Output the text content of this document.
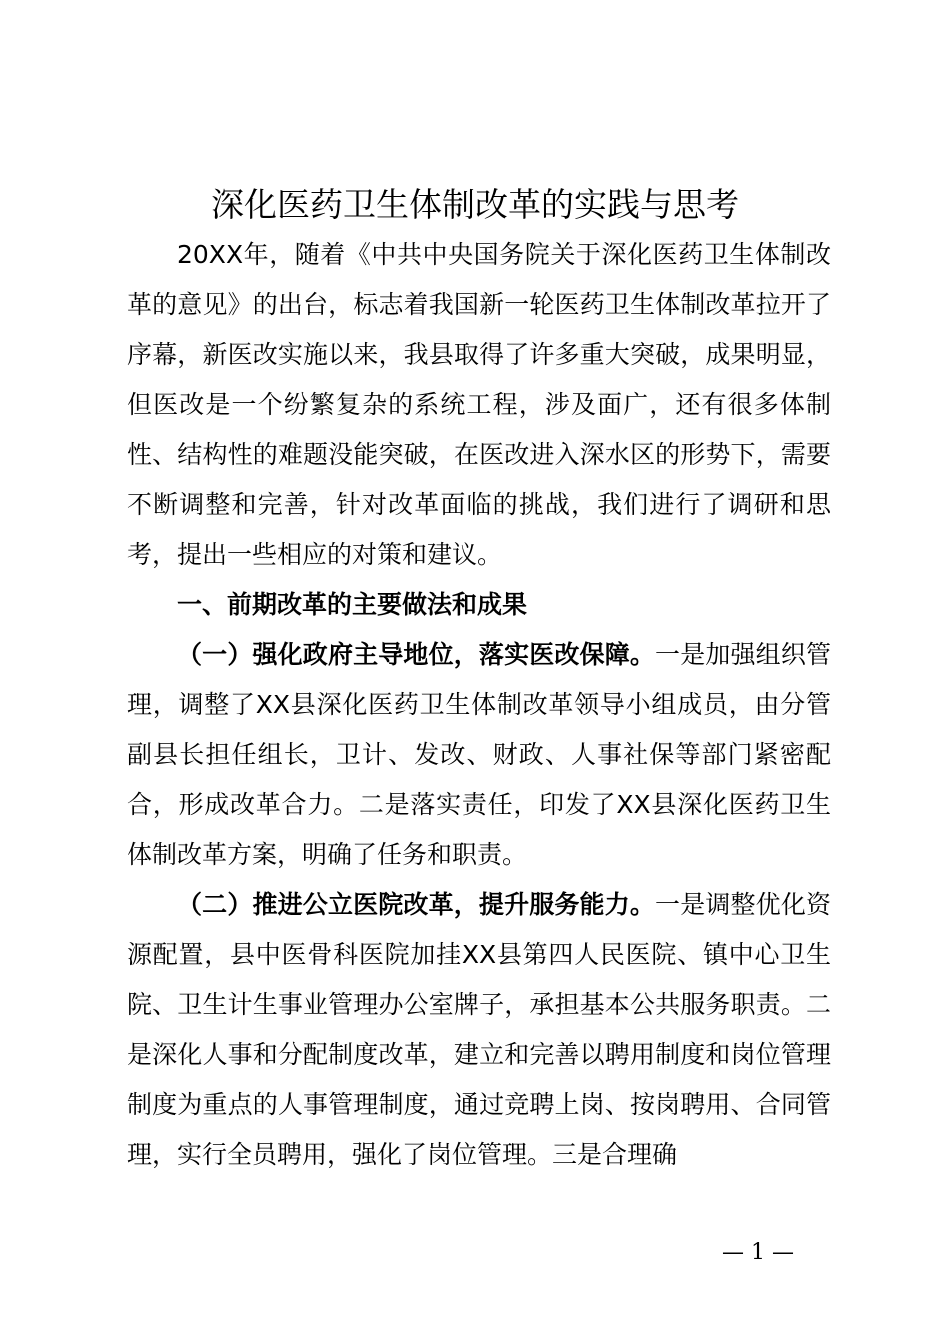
深化医药卫生体制改革的实践与思考

20XX年，随着《中共中央国务院关于深化医药卫生体制改革的意见》的出台，标志着我国新一轮医药卫生体制改革拉开了序幕，新医改实施以来，我县取得了许多重大突破，成果明显，但医改是一个纷繁复杂的系统工程，涉及面广，还有很多体制性、结构性的难题没能突破，在医改进入深水区的形势下，需要不断调整和完善，针对改革面临的挑战，我们进行了调研和思考，提出一些相应的对策和建议。

一、前期改革的主要做法和成果

（一）强化政府主导地位，落实医改保障。一是加强组织管理，调整了XX县深化医药卫生体制改革领导小组成员，由分管副县长担任组长，卫计、发改、财政、人事社保等部门紧密配合，形成改革合力。二是落实责任，印发了XX县深化医药卫生体制改革方案，明确了任务和职责。

（二）推进公立医院改革，提升服务能力。一是调整优化资源配置，县中医骨科医院加挂XX县第四人民医院、镇中心卫生院、卫生计生事业管理办公室牌子，承担基本公共服务职责。二是深化人事和分配制度改革，建立和完善以聘用制度和岗位管理制度为重点的人事管理制度，通过竞聘上岗、按岗聘用、合同管理，实行全员聘用，强化了岗位管理。三是合理确

— 1 —
